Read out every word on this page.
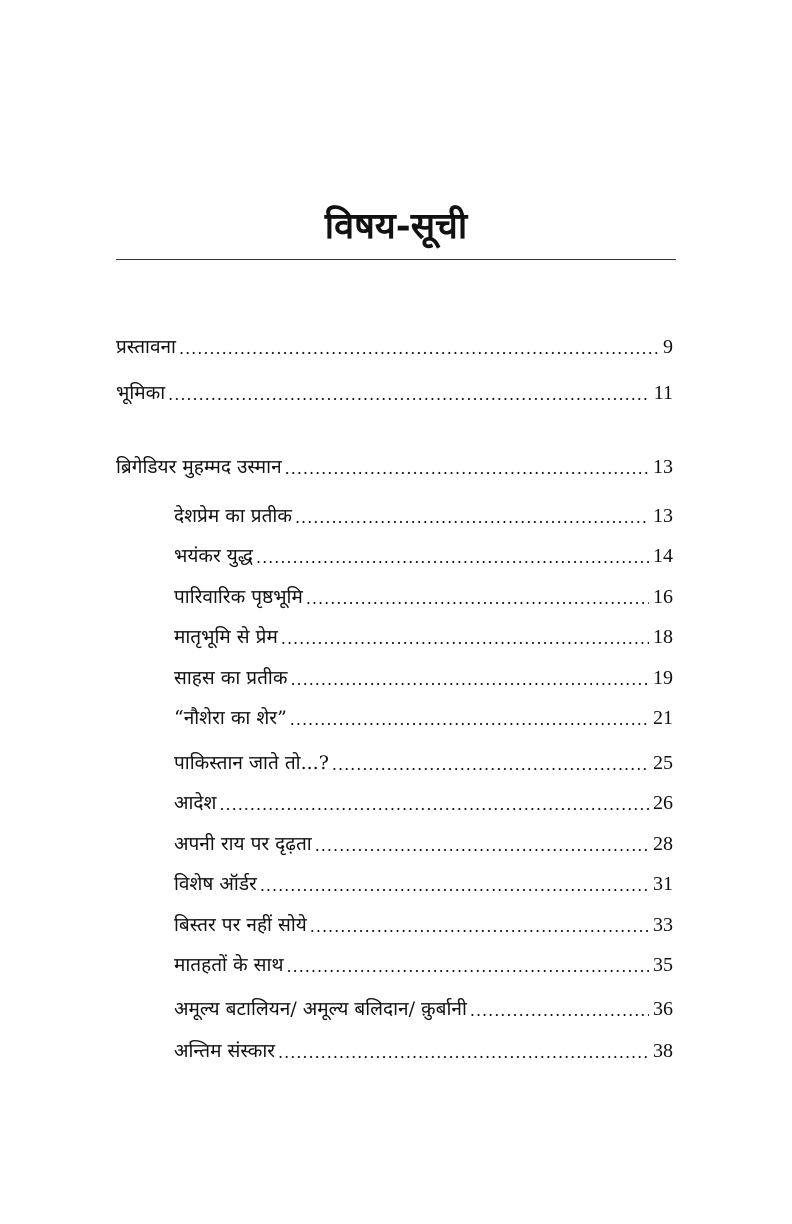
विषय-सूची
प्रस्तावना .....	9
भूमिका .....	11
ब्रिगेडियर मुहम्मद उस्मान .....	13
देशप्रेम का प्रतीक .....	13
भयंकर युद्ध .....	14
पारिवारिक पृष्ठभूमि .....	16
मातृभूमि से प्रेम .....	18
साहस का प्रतीक .....	19
“नौशेरा का शेर” .....	21
पाकिस्तान जाते तो...? .....	25
आदेश .....	26
अपनी राय पर दृढ़ता .....	28
विशेष ऑर्डर .....	31
बिस्तर पर नहीं सोये .....	33
मातहतों के साथ .....	35
अमूल्य बटालियन/ अमूल्य बलिदान/ क़ुर्बानी .....	36
अन्तिम संस्कार .....	38
